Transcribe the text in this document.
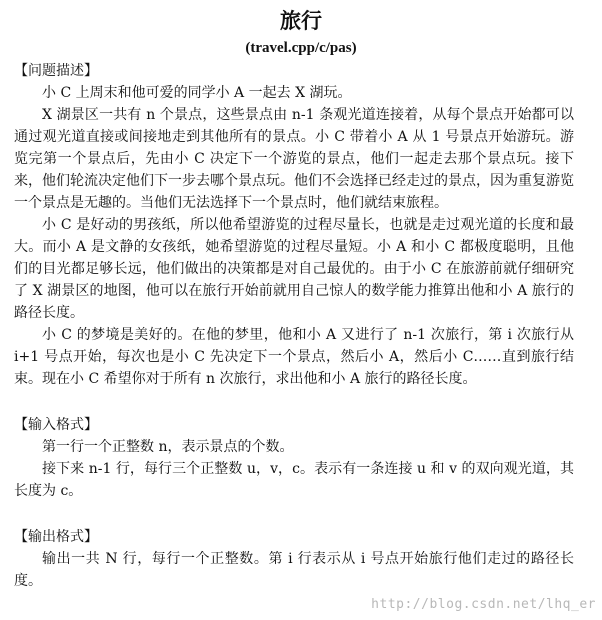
旅行
(travel.cpp/c/pas)
【问题描述】

小 C 上周末和他可爱的同学小 A 一起去 X 湖玩。

X 湖景区一共有 n 个景点，这些景点由 n-1 条观光道连接着，从每个景点开始都可以通过观光道直接或间接地走到其他所有的景点。小 C 带着小 A 从 1 号景点开始游玩。游览完第一个景点后，先由小 C 决定下一个游览的景点，他们一起走去那个景点玩。接下来，他们轮流决定他们下一步去哪个景点玩。他们不会选择已经走过的景点，因为重复游览一个景点是无趣的。当他们无法选择下一个景点时，他们就结束旅程。

小 C 是好动的男孩纸，所以他希望游览的过程尽量长，也就是走过观光道的长度和最大。而小 A 是文静的女孩纸，她希望游览的过程尽量短。小 A 和小 C 都极度聪明，且他们的目光都足够长远，他们做出的决策都是对自己最优的。由于小 C 在旅游前就仔细研究了 X 湖景区的地图，他可以在旅行开始前就用自己惊人的数学能力推算出他和小 A 旅行的路径长度。

小 C 的梦境是美好的。在他的梦里，他和小 A 又进行了 n-1 次旅行，第 i 次旅行从 i+1 号点开始，每次也是小 C 先决定下一个景点，然后小 A，然后小 C……直到旅行结束。现在小 C 希望你对于所有 n 次旅行，求出他和小 A 旅行的路径长度。

【输入格式】

第一行一个正整数 n，表示景点的个数。

接下来 n-1 行，每行三个正整数 u，v，c。表示有一条连接 u 和 v 的双向观光道，其长度为 c。

【输出格式】

输出一共 N 行，每行一个正整数。第 i 行表示从 i 号点开始旅行他们走过的路径长度。

http://blog.csdn.net/lhq_er
